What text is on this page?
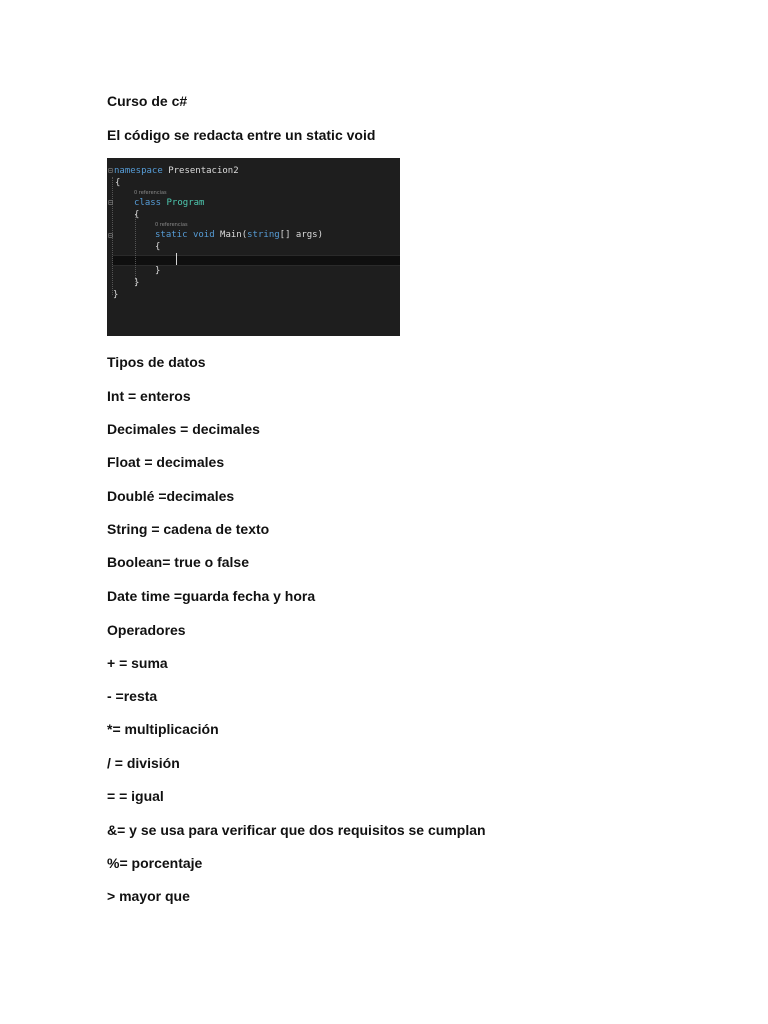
Curso de c#
El código se redacta entre un static void
⊟
⊟
⊟
namespace Presentacion2
{
0 referencias
class Program
{
0 referencias
static void Main(string[] args)
{
}
}
}
Tipos de datos
Int = enteros
Decimales = decimales
Float = decimales
Doublé =decimales
String = cadena de texto
Boolean= true o false
Date time =guarda fecha y hora
Operadores
+ = suma
- =resta
*= multiplicación
/ = división
= = igual
&= y se usa para verificar que dos requisitos se cumplan
%= porcentaje
> mayor que
